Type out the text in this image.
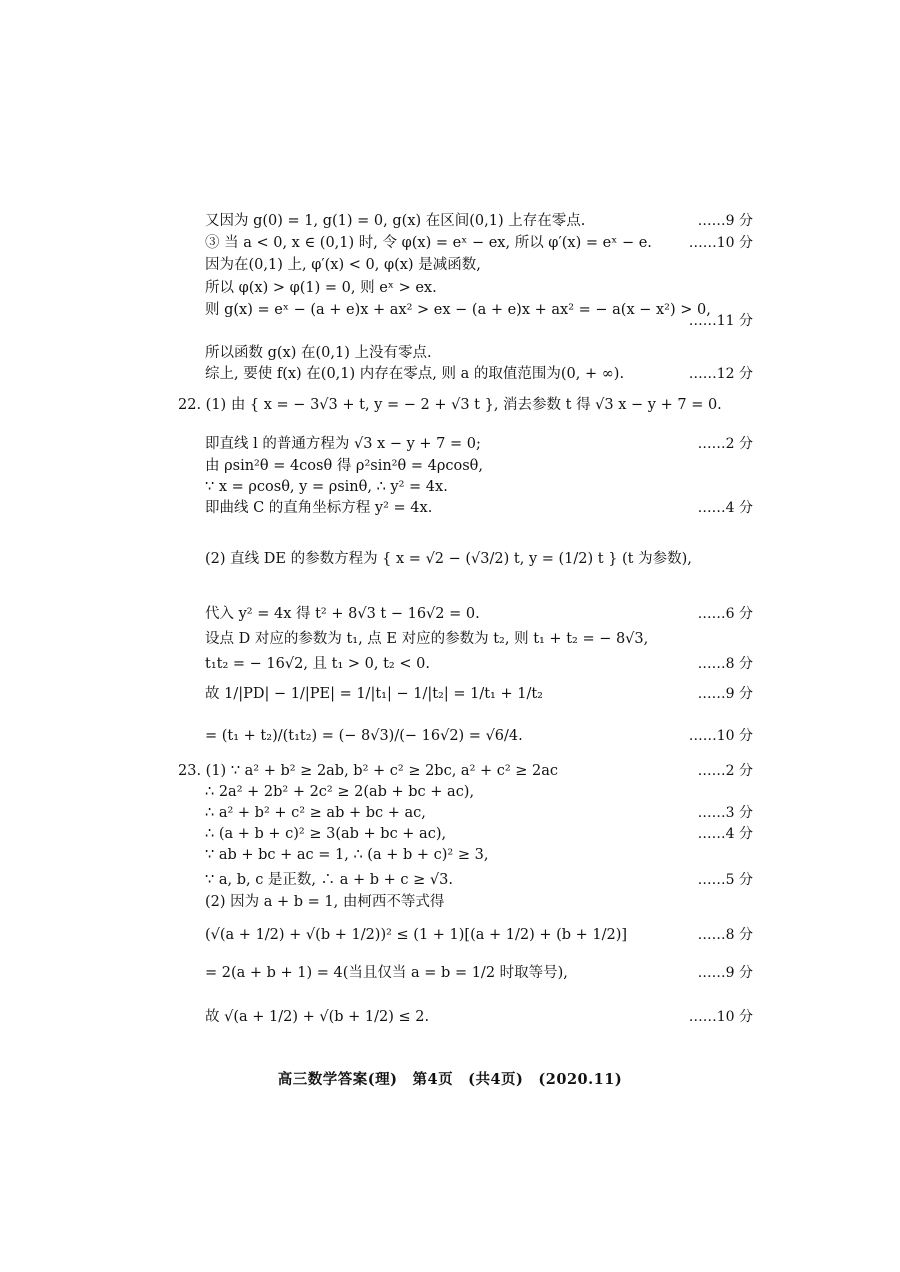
又因为 g(0) = 1, g(1) = 0, g(x) 在区间(0,1) 上存在零点.	……9 分
③ 当 a < 0, x ∈ (0,1) 时, 令 φ(x) = eˣ − ex, 所以 φ′(x) = eˣ − e.	……10 分
因为在(0,1) 上, φ′(x) < 0, φ(x) 是减函数,
所以 φ(x) > φ(1) = 0, 则 eˣ > ex.
则 g(x) = eˣ − (a + e)x + ax² > ex − (a + e)x + ax² = − a(x − x²) > 0,
……11 分
所以函数 g(x) 在(0,1) 上没有零点.
综上, 要使 f(x) 在(0,1) 内存在零点, 则 a 的取值范围为(0, + ∞).	……12 分
22. (1) 由 { x = − 3√3 + t, y = − 2 + √3 t }, 消去参数 t 得 √3 x − y + 7 = 0.
即直线 l 的普通方程为 √3 x − y + 7 = 0;	……2 分
由 ρsin²θ = 4cosθ 得 ρ²sin²θ = 4ρcosθ,
∵ x = ρcosθ, y = ρsinθ, ∴ y² = 4x.
即曲线 C 的直角坐标方程 y² = 4x.	……4 分
(2) 直线 DE 的参数方程为 { x = √2 − (√3/2) t, y = (1/2) t } (t 为参数),
代入 y² = 4x 得 t² + 8√3 t − 16√2 = 0.	……6 分
设点 D 对应的参数为 t₁, 点 E 对应的参数为 t₂, 则 t₁ + t₂ = − 8√3,
t₁t₂ = − 16√2, 且 t₁ > 0, t₂ < 0.	……8 分
故 1/|PD| − 1/|PE| = 1/|t₁| − 1/|t₂| = 1/t₁ + 1/t₂	……9 分
= (t₁ + t₂)/(t₁t₂) = (− 8√3)/(− 16√2) = √6/4.	……10 分
23. (1) ∵ a² + b² ≥ 2ab, b² + c² ≥ 2bc, a² + c² ≥ 2ac	……2 分
∴ 2a² + 2b² + 2c² ≥ 2(ab + bc + ac),
∴ a² + b² + c² ≥ ab + bc + ac,	……3 分
∴ (a + b + c)² ≥ 3(ab + bc + ac),	……4 分
∵ ab + bc + ac = 1, ∴ (a + b + c)² ≥ 3,
∵ a, b, c 是正数, ∴ a + b + c ≥ √3.	……5 分
(2) 因为 a + b = 1, 由柯西不等式得
(√(a + 1/2) + √(b + 1/2))² ≤ (1 + 1)[(a + 1/2) + (b + 1/2)]	……8 分
= 2(a + b + 1) = 4(当且仅当 a = b = 1/2 时取等号),	……9 分
故 √(a + 1/2) + √(b + 1/2) ≤ 2.	……10 分
高三数学答案(理)　第4页　(共4页)　(2020.11)
